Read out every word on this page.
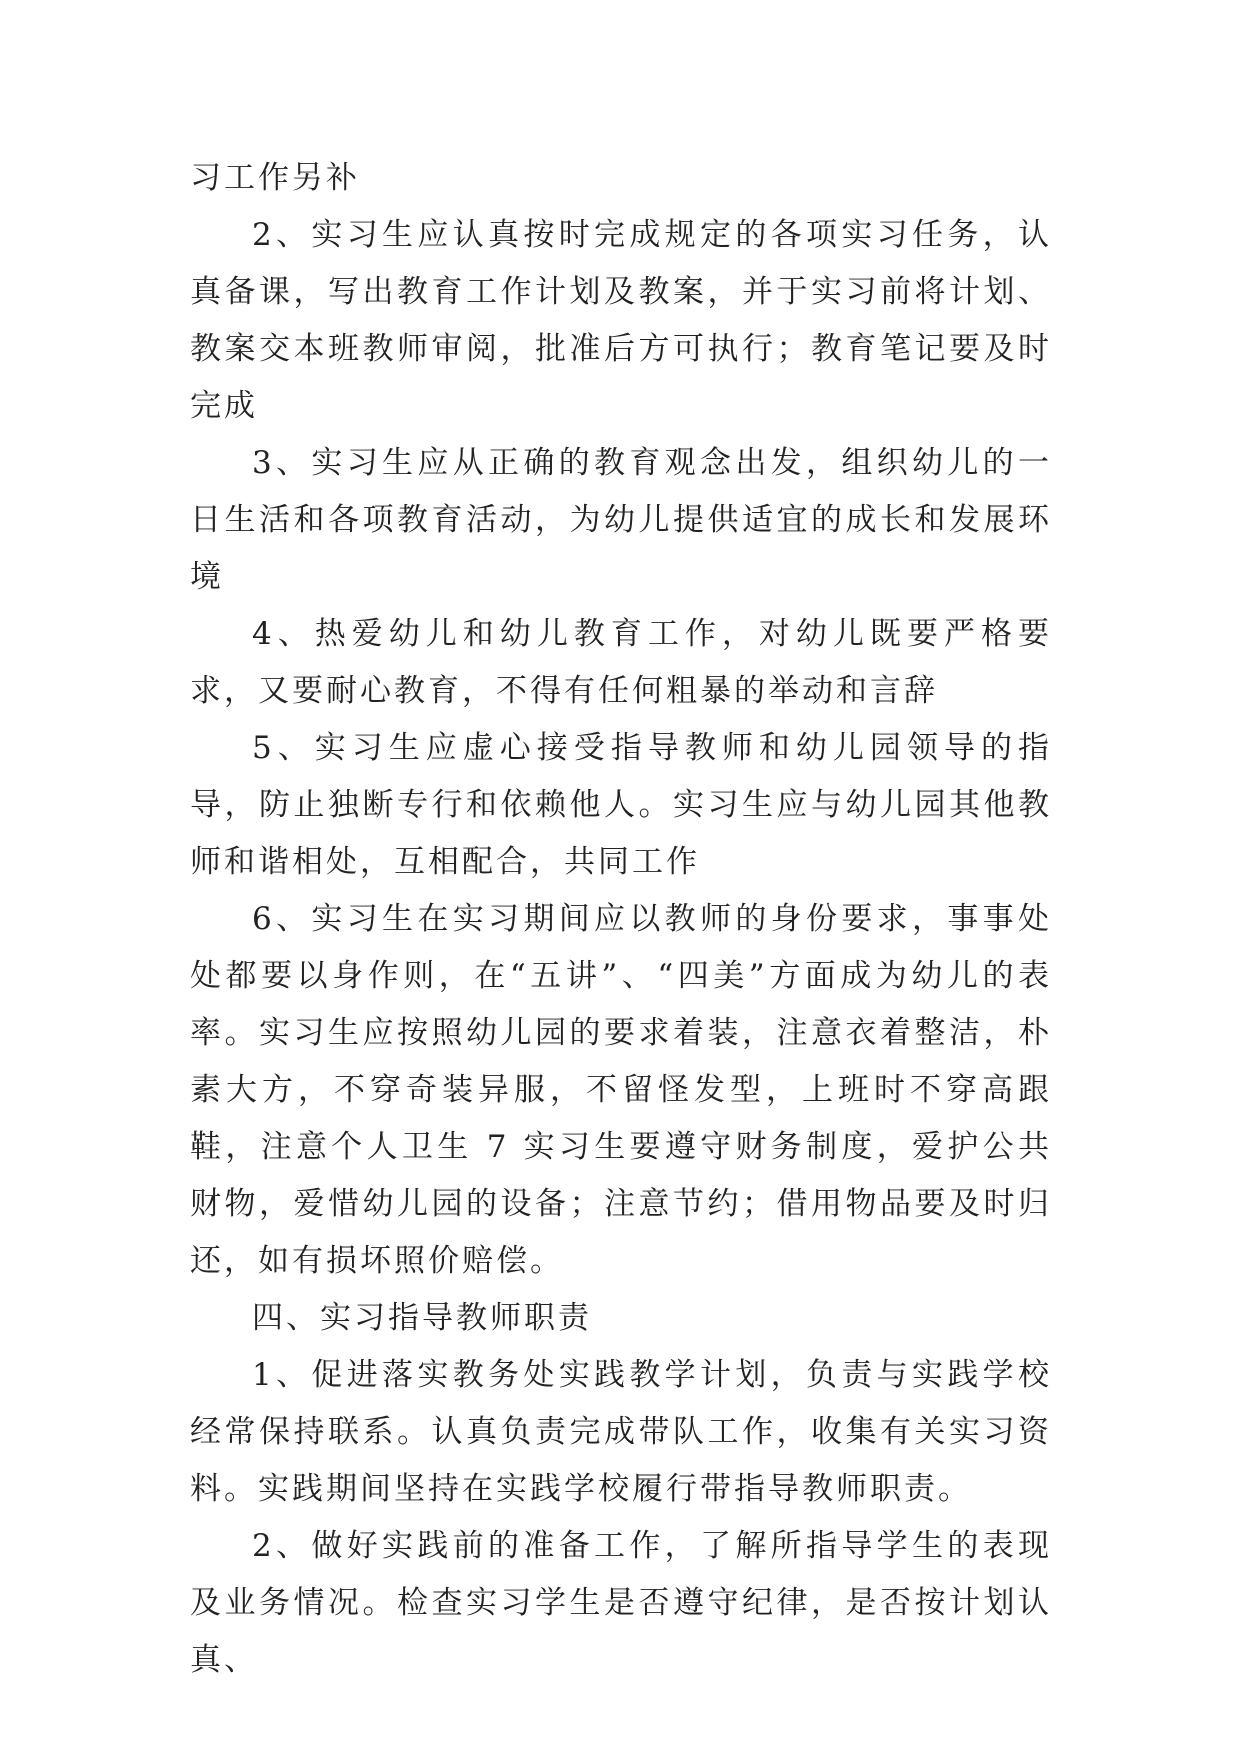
习工作另补

2、实习生应认真按时完成规定的各项实习任务，认真备课，写出教育工作计划及教案，并于实习前将计划、教案交本班教师审阅，批准后方可执行；教育笔记要及时完成

3、实习生应从正确的教育观念出发，组织幼儿的一日生活和各项教育活动，为幼儿提供适宜的成长和发展环境

4、热爱幼儿和幼儿教育工作，对幼儿既要严格要求，又要耐心教育，不得有任何粗暴的举动和言辞

5、实习生应虚心接受指导教师和幼儿园领导的指导，防止独断专行和依赖他人。实习生应与幼儿园其他教师和谐相处，互相配合，共同工作

6、实习生在实习期间应以教师的身份要求，事事处处都要以身作则，在“五讲”、“四美”方面成为幼儿的表率。实习生应按照幼儿园的要求着装，注意衣着整洁，朴素大方，不穿奇装异服，不留怪发型，上班时不穿高跟鞋，注意个人卫生 7 实习生要遵守财务制度，爱护公共财物，爱惜幼儿园的设备；注意节约；借用物品要及时归还，如有损坏照价赔偿。

四、实习指导教师职责

1、促进落实教务处实践教学计划，负责与实践学校经常保持联系。认真负责完成带队工作，收集有关实习资料。实践期间坚持在实践学校履行带指导教师职责。

2、做好实践前的准备工作，了解所指导学生的表现及业务情况。检查实习学生是否遵守纪律，是否按计划认真、
